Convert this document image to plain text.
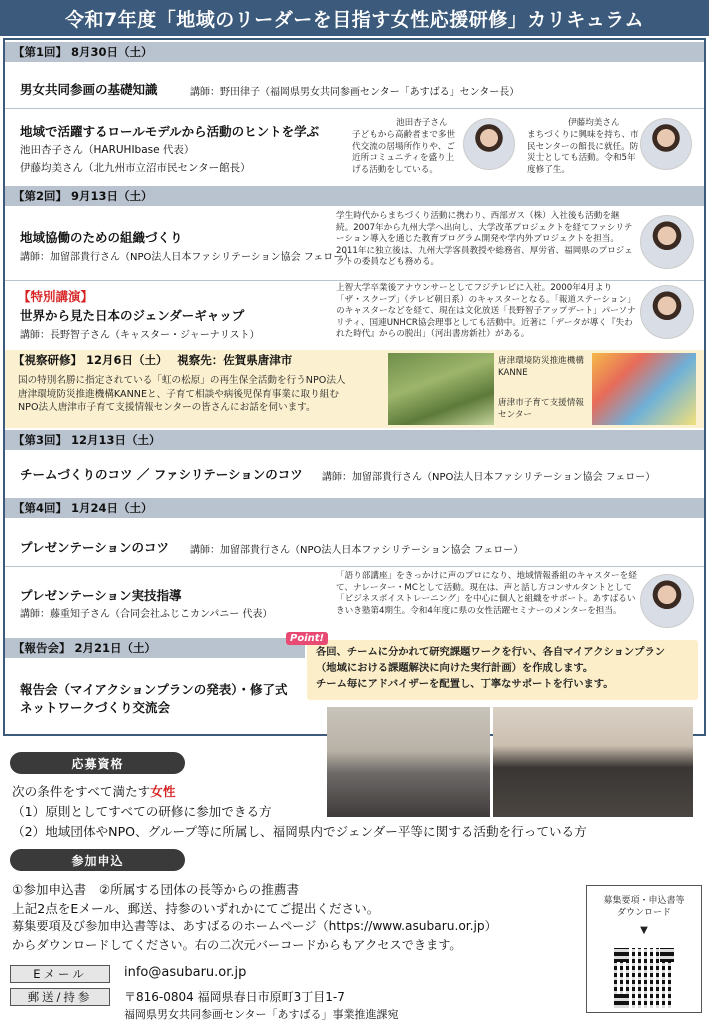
令和7年度「地域のリーダーを目指す女性応援研修」カリキュラム
【第1回】 8月30日（土）
男女共同参画の基礎知識	講師：野田律子（福岡県男女共同参画センター「あすばる」センター長）
地域で活躍するロールモデルから活動のヒントを学ぶ
池田杏子さん（HARUHIbase 代表）
伊藤均美さん（北九州市立沼市民センター館長）
池田杏子さん
子どもから高齢者まで多世代交流の居場所作りや、ご近所コミュニティを盛り上げる活動をしている。
伊藤均美さん
まちづくりに興味を持ち、市民センターの館長に就任。防災士としても活動。令和5年度修了生。
【第2回】 9月13日（土）
地域協働のための組織づくり
講師：加留部貴行さん（NPO法人日本ファシリテーション協会 フェロー）
学生時代からまちづくり活動に携わり、西部ガス（株）入社後も活動を継続。2007年から九州大学へ出向し、大学改革プロジェクトを経てファシリテーション導入を通じた教育プログラム開発や学内外プロジェクトを担当。2011年に独立後は、九州大学客員教授や総務省、厚労省、福岡県のプロジェクトの委員なども務める。
【特別講演】
世界から見た日本のジェンダーギャップ
講師：長野智子さん（キャスター・ジャーナリスト）
上智大学卒業後アナウンサーとしてフジテレビに入社。2000年4月より「ザ・スクープ」（テレビ朝日系）のキャスターとなる。「報道ステーション」のキャスターなどを経て、現在は文化放送「長野智子アップデート」パーソナリティ、国連UNHCR協会理事としても活動中。近著に「データが導く『失われた時代』からの脱出」（河出書房新社）がある。
【視察研修】 12月6日（土）　 視察先：佐賀県唐津市
国の特別名勝に指定されている「虹の松原」の再生保全活動を行うNPO法人唐津環境防災推進機構KANNEと、子育て相談や病後児保育事業に取り組むNPO法人唐津市子育て支援情報センターの皆さんにお話を伺います。
唐津環境防災推進機構 KANNE
唐津市子育て支援情報センター
【第3回】 12月13日（土）
チームづくりのコツ ／ ファシリテーションのコツ 講師：加留部貴行さん（NPO法人日本ファシリテーション協会 フェロー）
【第4回】 1月24日（土）
プレゼンテーションのコツ 講師：加留部貴行さん（NPO法人日本ファシリテーション協会 フェロー）
プレゼンテーション実技指導
講師：藤重知子さん（合同会社ふじこカンパニー 代表）
「語り部講座」をきっかけに声のプロになり、地域情報番組のキャスターを経て、ナレーター・MCとして活動。現在は、声と話し方コンサルタントとして「ビジネスボイストレーニング」を中心に個人と組織をサポート。あすばるいきいき塾第4期生。令和4年度に県の女性活躍セミナーのメンターを担当。
【報告会】 2月21日（土）
報告会（マイアクションプランの発表）・修了式
ネットワークづくり交流会
Point!
各回、チームに分かれて研究課題ワークを行い、各自マイアクションプラン
（地域における課題解決に向けた実行計画）を作成します。
チーム毎にアドバイザーを配置し、丁寧なサポートを行います。
応募資格
次の条件をすべて満たす女性
（1）原則としてすべての研修に参加できる方
（2）地域団体やNPO、グループ等に所属し、福岡県内でジェンダー平等に関する活動を行っている方
参加申込
①参加申込書　②所属する団体の長等からの推薦書
上記2点をEメール、郵送、持参のいずれかにてご提出ください。
募集要項及び参加申込書等は、あすばるのホームページ（https://www.asubaru.or.jp）
からダウンロードしてください。右の二次元バーコードからもアクセスできます。
Eメール	info@asubaru.or.jp
郵送/持参	〒816-0804 福岡県春日市原町3丁目1-7
福岡県男女共同参画センター「あすばる」事業推進課宛
募集要項・申込書等
ダウンロード
▼
